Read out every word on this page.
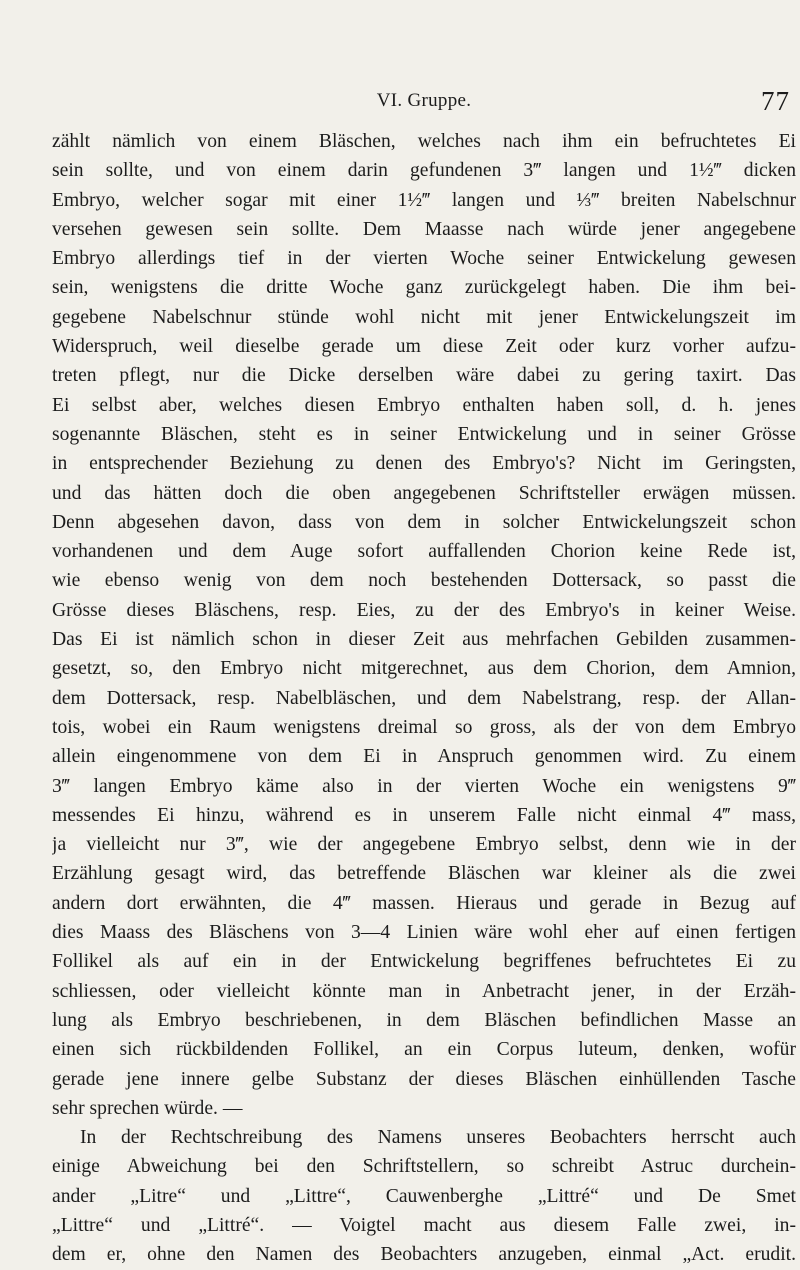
VI. Gruppe.	77
zählt nämlich von einem Bläschen, welches nach ihm ein befruchtetes Ei
sein sollte, und von einem darin gefundenen 3‴ langen und 1½‴ dicken
Embryo, welcher sogar mit einer 1½‴ langen und ⅓‴ breiten Nabelschnur
versehen gewesen sein sollte. Dem Maasse nach würde jener angegebene
Embryo allerdings tief in der vierten Woche seiner Entwickelung gewesen
sein, wenigstens die dritte Woche ganz zurückgelegt haben. Die ihm bei-
gegebene Nabelschnur stünde wohl nicht mit jener Entwickelungszeit im
Widerspruch, weil dieselbe gerade um diese Zeit oder kurz vorher aufzu-
treten pflegt, nur die Dicke derselben wäre dabei zu gering taxirt. Das
Ei selbst aber, welches diesen Embryo enthalten haben soll, d. h. jenes
sogenannte Bläschen, steht es in seiner Entwickelung und in seiner Grösse
in entsprechender Beziehung zu denen des Embryo's? Nicht im Geringsten,
und das hätten doch die oben angegebenen Schriftsteller erwägen müssen.
Denn abgesehen davon, dass von dem in solcher Entwickelungszeit schon
vorhandenen und dem Auge sofort auffallenden Chorion keine Rede ist,
wie ebenso wenig von dem noch bestehenden Dottersack, so passt die
Grösse dieses Bläschens, resp. Eies, zu der des Embryo's in keiner Weise.
Das Ei ist nämlich schon in dieser Zeit aus mehrfachen Gebilden zusammen-
gesetzt, so, den Embryo nicht mitgerechnet, aus dem Chorion, dem Amnion,
dem Dottersack, resp. Nabelbläschen, und dem Nabelstrang, resp. der Allan-
tois, wobei ein Raum wenigstens dreimal so gross, als der von dem Embryo
allein eingenommene von dem Ei in Anspruch genommen wird. Zu einem
3‴ langen Embryo käme also in der vierten Woche ein wenigstens 9‴
messendes Ei hinzu, während es in unserem Falle nicht einmal 4‴ mass,
ja vielleicht nur 3‴, wie der angegebene Embryo selbst, denn wie in der
Erzählung gesagt wird, das betreffende Bläschen war kleiner als die zwei
andern dort erwähnten, die 4‴ massen. Hieraus und gerade in Bezug auf
dies Maass des Bläschens von 3—4 Linien wäre wohl eher auf einen fertigen
Follikel als auf ein in der Entwickelung begriffenes befruchtetes Ei zu
schliessen, oder vielleicht könnte man in Anbetracht jener, in der Erzäh-
lung als Embryo beschriebenen, in dem Bläschen befindlichen Masse an
einen sich rückbildenden Follikel, an ein Corpus luteum, denken, wofür
gerade jene innere gelbe Substanz der dieses Bläschen einhüllenden Tasche
sehr sprechen würde. —
In der Rechtschreibung des Namens unseres Beobachters herrscht auch
einige Abweichung bei den Schriftstellern, so schreibt Astruc durchein-
ander „Litre“ und „Littre“, Cauwenberghe „Littré“ und De Smet
„Littre“ und „Littré“. — Voigtel macht aus diesem Falle zwei, in-
dem er, ohne den Namen des Beobachters anzugeben, einmal „Act. erudit.
